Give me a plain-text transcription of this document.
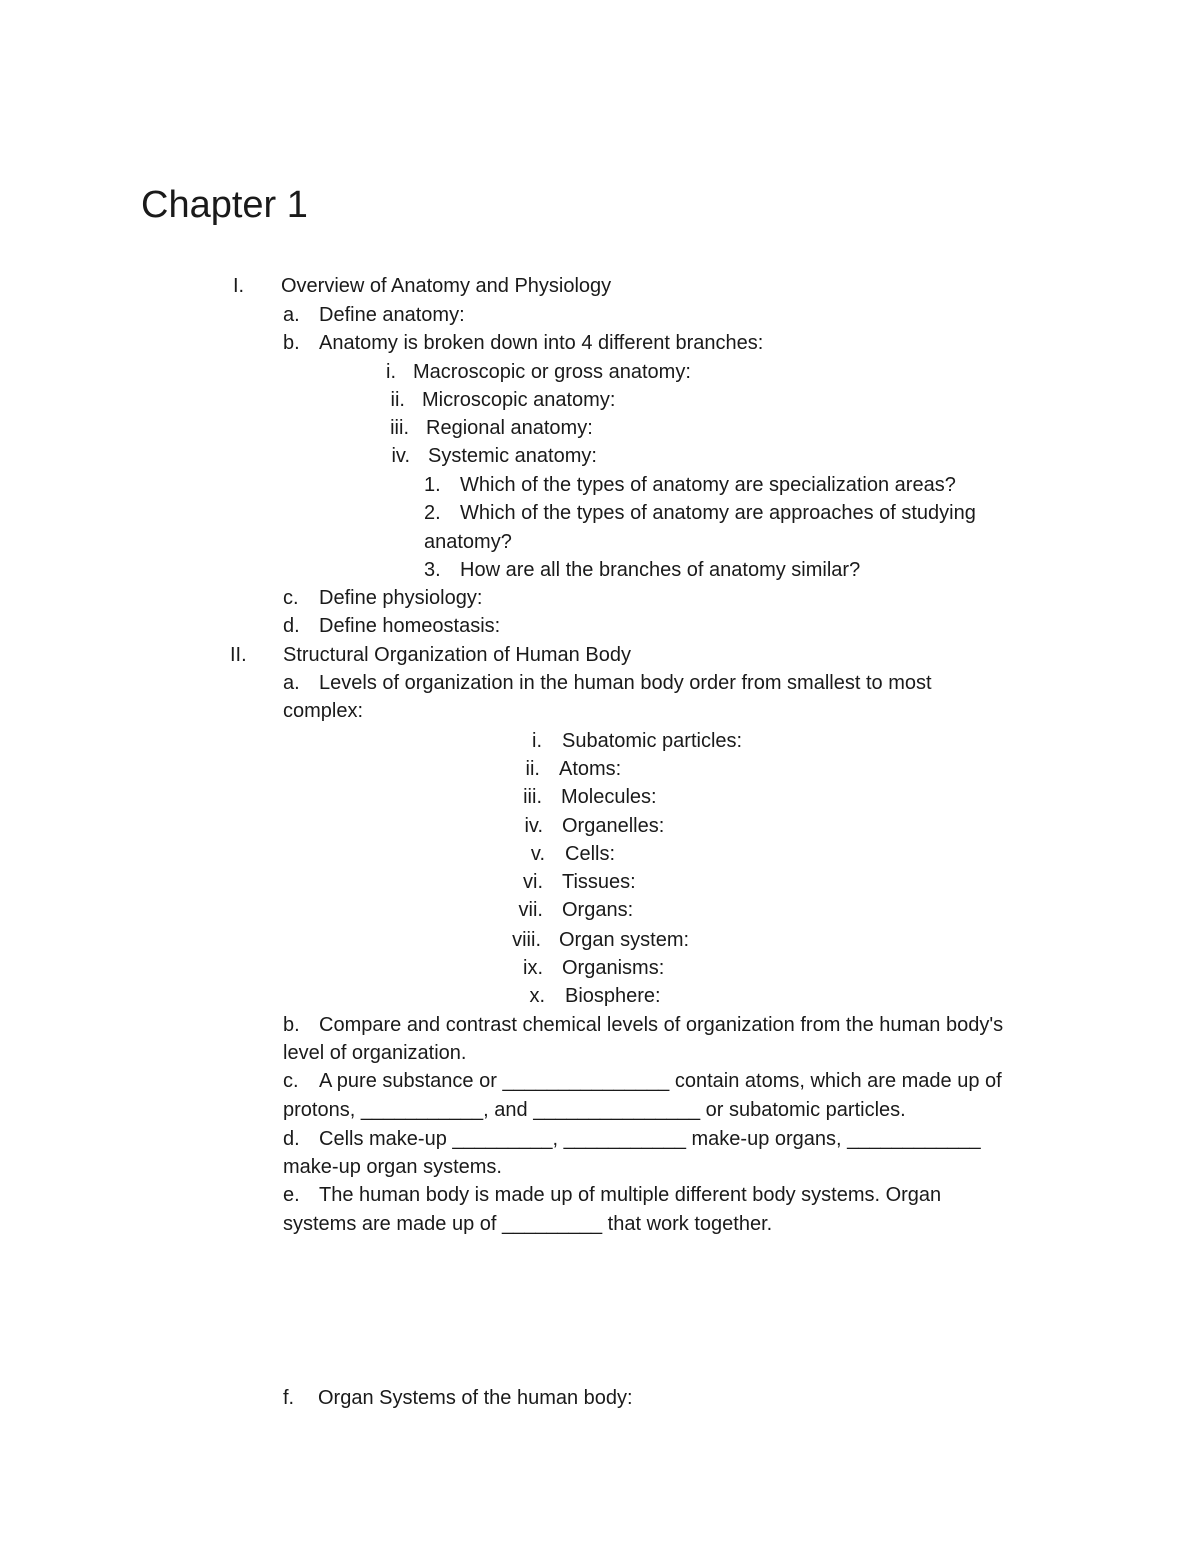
Chapter 1
I. Overview of Anatomy and Physiology
a. Define anatomy:
b. Anatomy is broken down into 4 different branches:
i. Macroscopic or gross anatomy:
ii. Microscopic anatomy:
iii. Regional anatomy:
iv. Systemic anatomy:
1. Which of the types of anatomy are specialization areas?
2. Which of the types of anatomy are approaches of studying
anatomy?
3. How are all the branches of anatomy similar?
c. Define physiology:
d. Define homeostasis:
II. Structural Organization of Human Body
a. Levels of organization in the human body order from smallest to most
complex:
i. Subatomic particles:
ii. Atoms:
iii. Molecules:
iv. Organelles:
v. Cells:
vi. Tissues:
vii. Organs:
viii. Organ system:
ix. Organisms:
x. Biosphere:
b. Compare and contrast chemical levels of organization from the human body's
level of organization.
c. A pure substance or _______________ contain atoms, which are made up of
protons, ___________, and _______________ or subatomic particles.
d. Cells make-up _________, ___________ make-up organs, ____________
make-up organ systems.
e. The human body is made up of multiple different body systems. Organ
systems are made up of _________ that work together.
f. Organ Systems of the human body:
